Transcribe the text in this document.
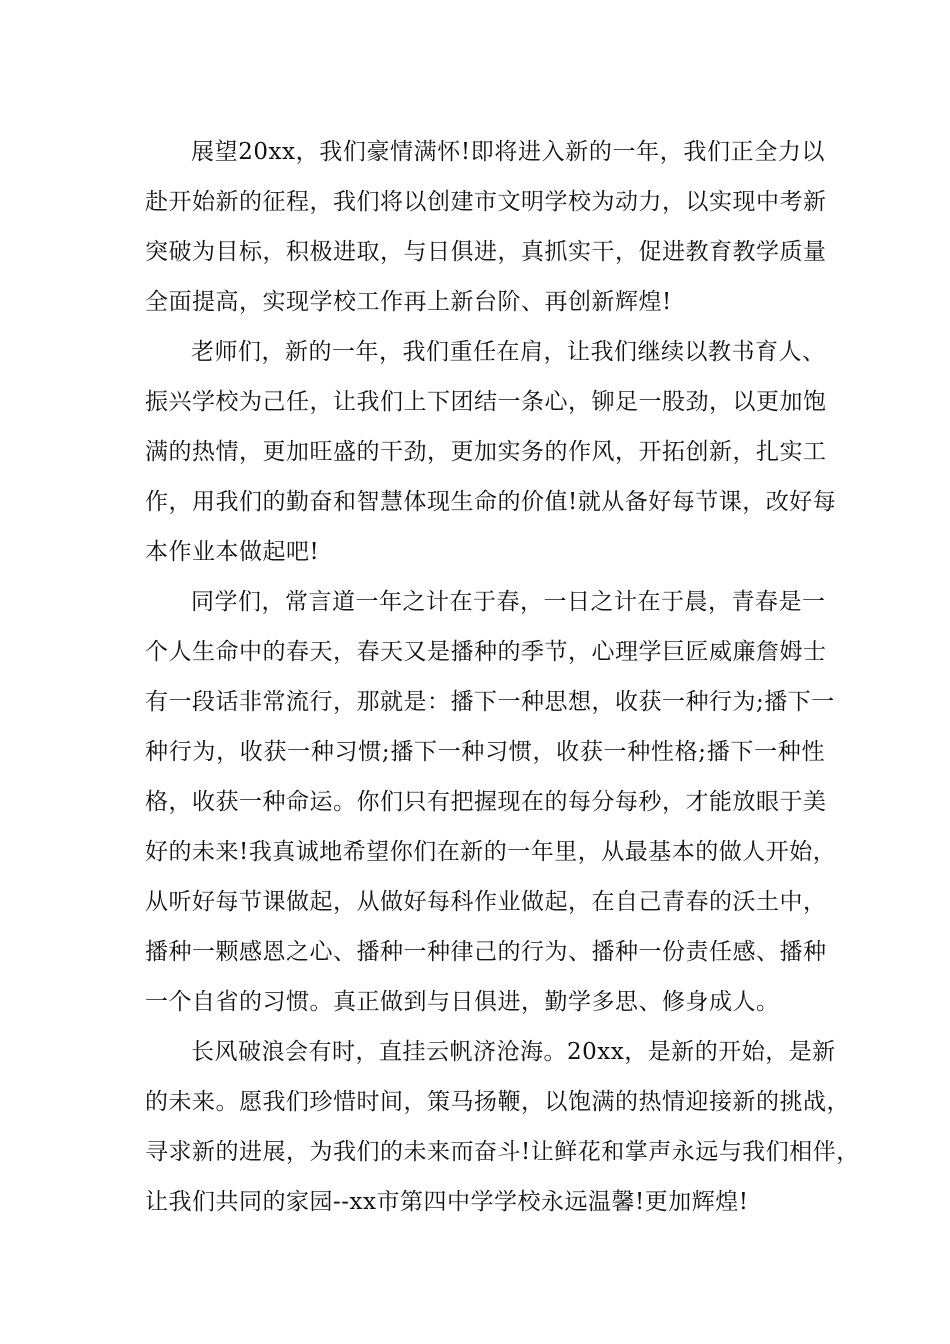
展望20xx，我们豪情满怀!即将进入新的一年，我们正全力以
赴开始新的征程，我们将以创建市文明学校为动力，以实现中考新
突破为目标，积极进取，与日俱进，真抓实干，促进教育教学质量
全面提高，实现学校工作再上新台阶、再创新辉煌!
老师们，新的一年，我们重任在肩，让我们继续以教书育人、
振兴学校为己任，让我们上下团结一条心，铆足一股劲，以更加饱
满的热情，更加旺盛的干劲，更加实务的作风，开拓创新，扎实工
作，用我们的勤奋和智慧体现生命的价值!就从备好每节课，改好每
本作业本做起吧!
同学们，常言道一年之计在于春，一日之计在于晨，青春是一
个人生命中的春天，春天又是播种的季节，心理学巨匠威廉詹姆士
有一段话非常流行，那就是：播下一种思想，收获一种行为;播下一
种行为，收获一种习惯;播下一种习惯，收获一种性格;播下一种性
格，收获一种命运。你们只有把握现在的每分每秒，才能放眼于美
好的未来!我真诚地希望你们在新的一年里，从最基本的做人开始，
从听好每节课做起，从做好每科作业做起，在自己青春的沃土中，
播种一颗感恩之心、播种一种律己的行为、播种一份责任感、播种
一个自省的习惯。真正做到与日俱进，勤学多思、修身成人。
长风破浪会有时，直挂云帆济沧海。20xx，是新的开始，是新
的未来。愿我们珍惜时间，策马扬鞭，以饱满的热情迎接新的挑战，
寻求新的进展，为我们的未来而奋斗!让鲜花和掌声永远与我们相伴，
让我们共同的家园--xx市第四中学学校永远温馨!更加辉煌!
